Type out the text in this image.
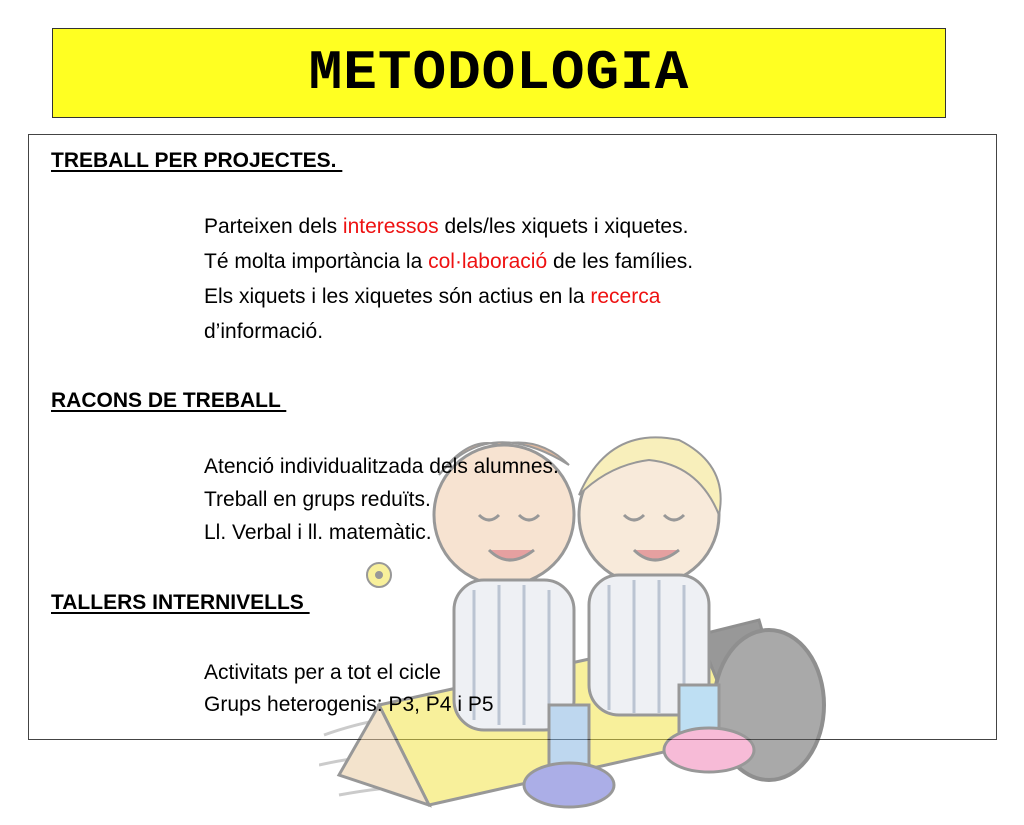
METODOLOGIA
TREBALL PER PROJECTES.
Parteixen dels interessos dels/les xiquets i xiquetes.
Té molta importància la col·laboració de les famílies.
Els xiquets i les xiquetes són actius en la recerca
d’informació.
RACONS DE TREBALL
Atenció individualitzada dels alumnes.
Treball en grups reduïts.
Ll. Verbal i ll. matemàtic.
TALLERS INTERNIVELLS
Activitats per a tot el cicle
Grups heterogenis: P3, P4 i P5
